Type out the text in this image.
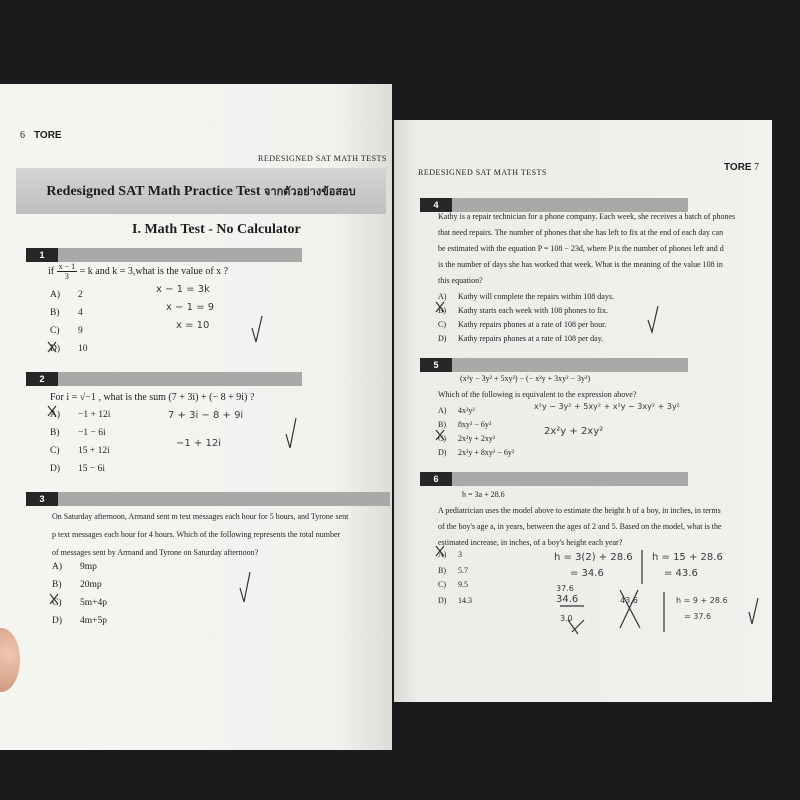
6 TORE
REDESIGNED SAT MATH TESTS
Redesigned SAT Math Practice Test จากตัวอย่างข้อสอบ
I. Math Test - No Calculator
1
if $\frac{x - 1}{3} = k$ and k = 3,what is the value of x ?
A) 2
B) 4
C) 9
D) 10
x − 1 = 3k
x − 1 = 9
x = 10
2
For i = √−1 , what is the sum (7 + 3i) + (− 8 + 9i) ?
A) −1 + 12i
B) −1 − 6i
C) 15 + 12i
D) 15 − 6i
7 + 3i − 8 + 9i
−1 + 12i
3
On Saturday afternoon, Armand sent m test messages each hour for 5 hours, and Tyrone sent
p text messages each hour for 4 hours. Which of the following represents the total number
of messages sent by Armand and Tyrone on Saturday afternoon?
A) 9mp
B) 20mp
C) 5m+4p
D) 4m+5p
REDESIGNED SAT MATH TESTS	TORE 7
4
Kathy is a repair technician for a phone company. Each week, she receives a batch of phones
that need repairs. The number of phones that she has left to fix at the end of each day can
be estimated with the equation P = 108 − 23d, where P is the number of phones left and d
is the number of days she has worked that week. What is the meaning of the value 108 in
this equation?
A) Kathy will complete the repairs within 108 days.
B) Kathy starts each week with 108 phones to fix.
C) Kathy repairs phones at a rate of 108 per hour.
D) Kathy repairs phones at a rate of 108 per day.
5
(x²y − 3y² + 5xy²) − (− x²y + 3xy² − 3y²)
Which of the following is equivalent to the expression above?
A) 4x²y²
B) 8xy² − 6y²
C) 2x²y + 2xy²
D) 2x²y + 8xy² − 6y²
x²y − 3y² + 5xy² + x²y − 3xy² + 3y²
2x²y + 2xy²
6
h = 3a + 28.6
A pediatrician uses the model above to estimate the height h of a boy, in inches, in terms
of the boy's age a, in years, between the ages of 2 and 5. Based on the model, what is the
estimated increase, in inches, of a boy's height each year?
A) 3
B) 5.7
C) 9.5
D) 14.3
h = 3(2) + 28.6
= 34.6
h = 15 + 28.6
= 43.6
37.6
34.6
3.0
43.6	h = 9 + 28.6
= 37.6
